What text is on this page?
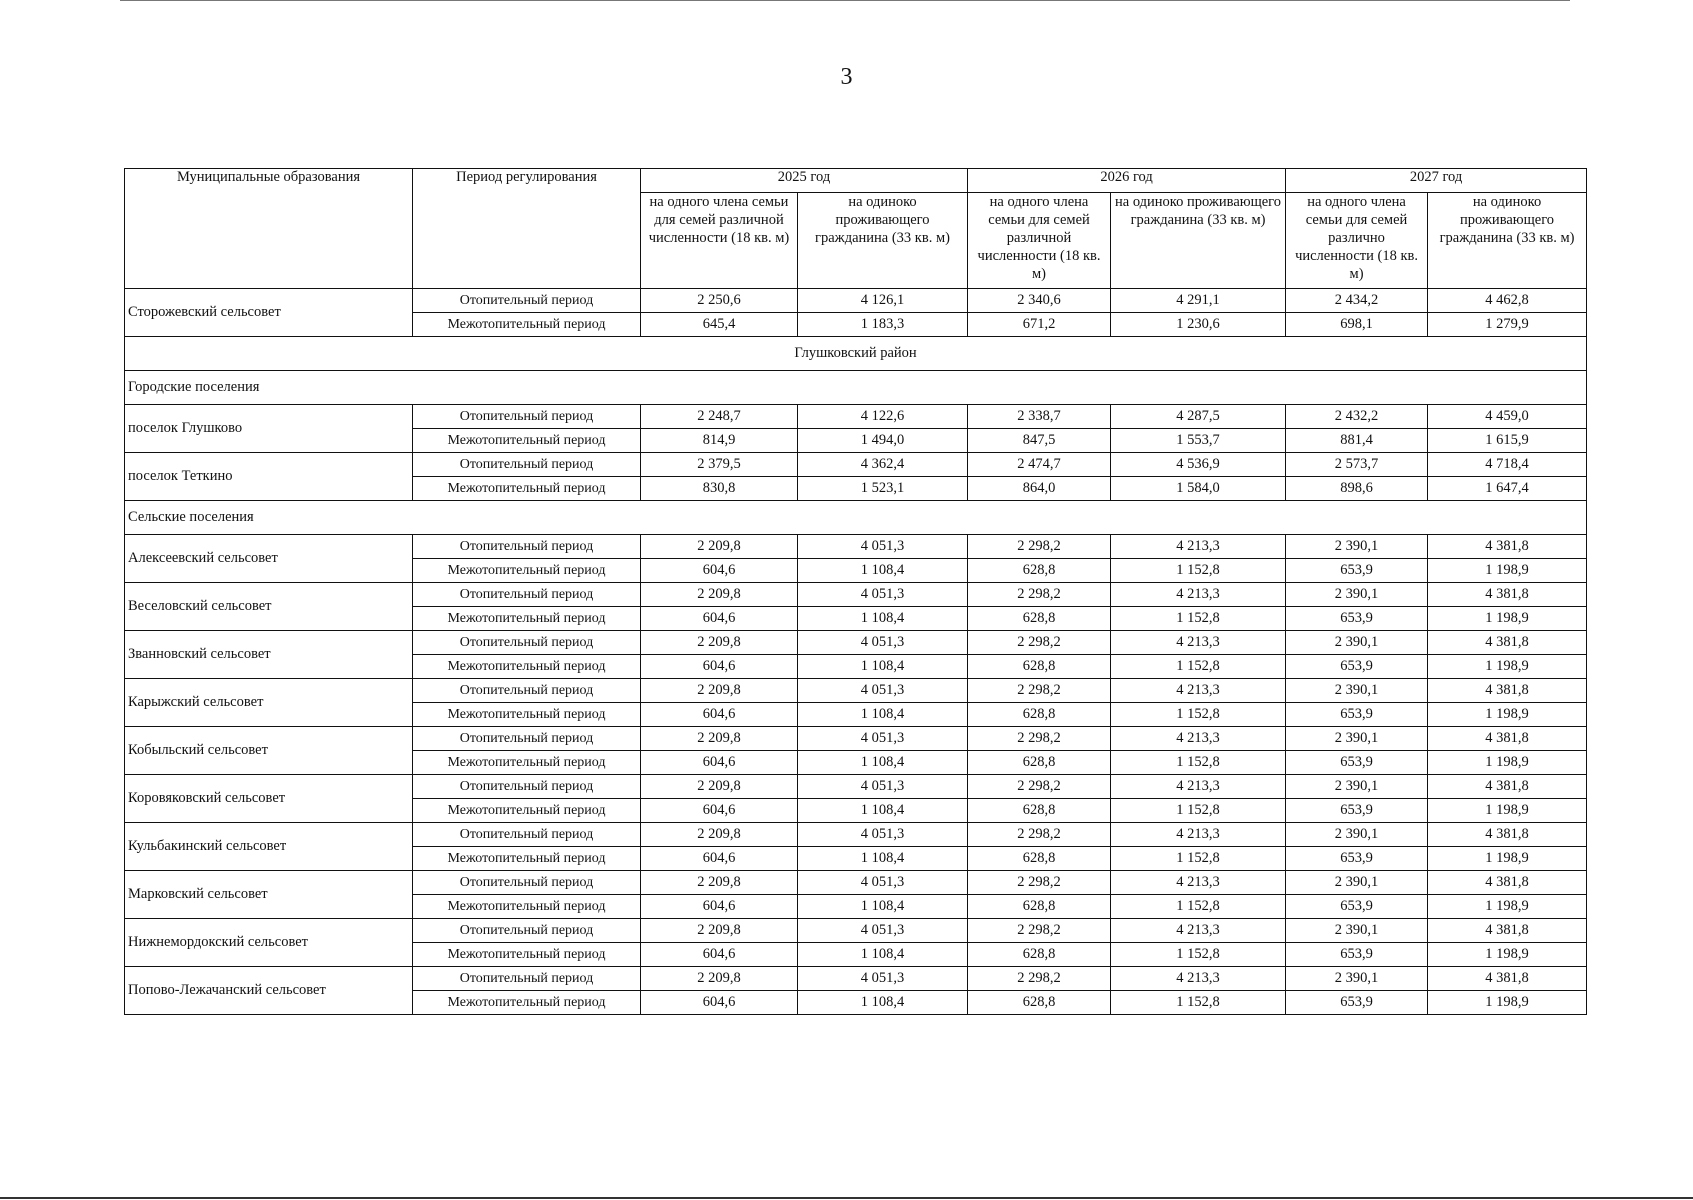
3
Муниципальные образования	Период регулирования	2025 год		2026 год		2027 год	
		на одного члена семьи для семей различной численности (18 кв. м)	на одиноко проживающего гражданина (33 кв. м)	на одного члена семьи для семей различной численности (18 кв. м)	на одиноко проживающего гражданина (33 кв. м)	на одного члена семьи для семей различно численности (18 кв. м)	на одиноко проживающего гражданина (33 кв. м)
Сторожевский сельсовет	Отопительный период	2 250,6	4 126,1	2 340,6	4 291,1	2 434,2	4 462,8
	Межотопительный период	645,4	1 183,3	671,2	1 230,6	698,1	1 279,9
Глушковский район							
Городские поселения							
поселок Глушково	Отопительный период	2 248,7	4 122,6	2 338,7	4 287,5	2 432,2	4 459,0
	Межотопительный период	814,9	1 494,0	847,5	1 553,7	881,4	1 615,9
поселок Теткино	Отопительный период	2 379,5	4 362,4	2 474,7	4 536,9	2 573,7	4 718,4
	Межотопительный период	830,8	1 523,1	864,0	1 584,0	898,6	1 647,4
Сельские поселения							
Алексеевский сельсовет	Отопительный период	2 209,8	4 051,3	2 298,2	4 213,3	2 390,1	4 381,8
	Межотопительный период	604,6	1 108,4	628,8	1 152,8	653,9	1 198,9
Веселовский сельсовет	Отопительный период	2 209,8	4 051,3	2 298,2	4 213,3	2 390,1	4 381,8
	Межотопительный период	604,6	1 108,4	628,8	1 152,8	653,9	1 198,9
Званновский сельсовет	Отопительный период	2 209,8	4 051,3	2 298,2	4 213,3	2 390,1	4 381,8
	Межотопительный период	604,6	1 108,4	628,8	1 152,8	653,9	1 198,9
Карыжский сельсовет	Отопительный период	2 209,8	4 051,3	2 298,2	4 213,3	2 390,1	4 381,8
	Межотопительный период	604,6	1 108,4	628,8	1 152,8	653,9	1 198,9
Кобыльский сельсовет	Отопительный период	2 209,8	4 051,3	2 298,2	4 213,3	2 390,1	4 381,8
	Межотопительный период	604,6	1 108,4	628,8	1 152,8	653,9	1 198,9
Коровяковский сельсовет	Отопительный период	2 209,8	4 051,3	2 298,2	4 213,3	2 390,1	4 381,8
	Межотопительный период	604,6	1 108,4	628,8	1 152,8	653,9	1 198,9
Кульбакинский сельсовет	Отопительный период	2 209,8	4 051,3	2 298,2	4 213,3	2 390,1	4 381,8
	Межотопительный период	604,6	1 108,4	628,8	1 152,8	653,9	1 198,9
Марковский сельсовет	Отопительный период	2 209,8	4 051,3	2 298,2	4 213,3	2 390,1	4 381,8
	Межотопительный период	604,6	1 108,4	628,8	1 152,8	653,9	1 198,9
Нижнемордокский сельсовет	Отопительный период	2 209,8	4 051,3	2 298,2	4 213,3	2 390,1	4 381,8
	Межотопительный период	604,6	1 108,4	628,8	1 152,8	653,9	1 198,9
Попово-Лежачанский сельсовет	Отопительный период	2 209,8	4 051,3	2 298,2	4 213,3	2 390,1	4 381,8
	Межотопительный период	604,6	1 108,4	628,8	1 152,8	653,9	1 198,9
